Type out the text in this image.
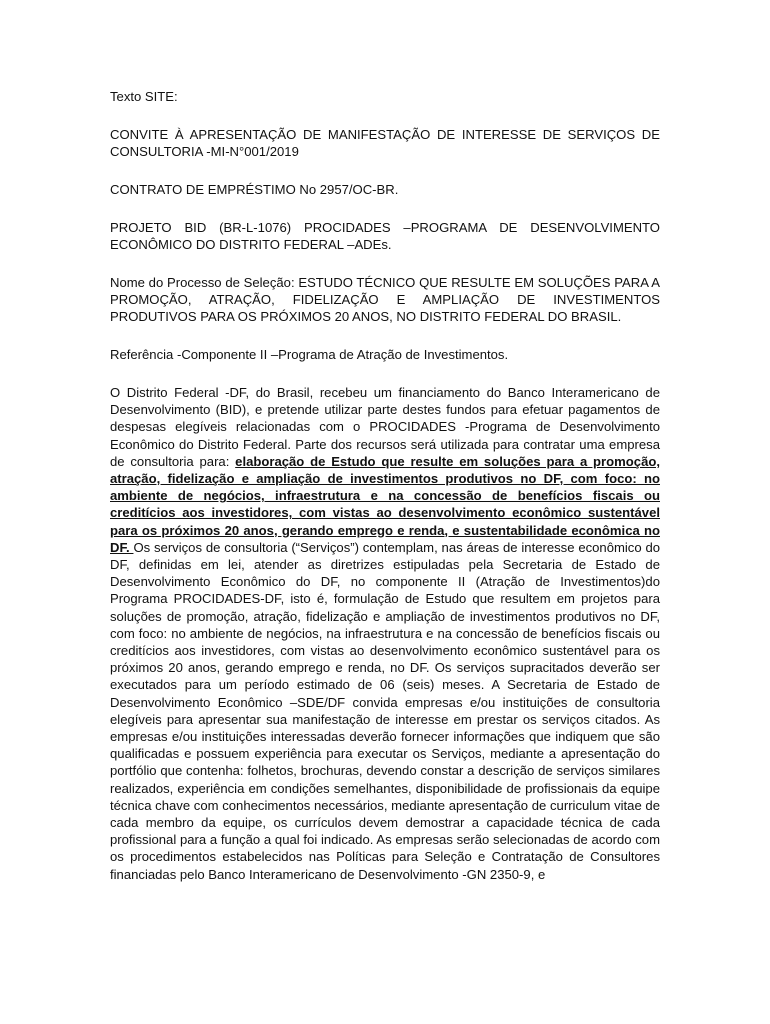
Texto SITE:

CONVITE À APRESENTAÇÃO DE MANIFESTAÇÃO DE INTERESSE DE SERVIÇOS DE CONSULTORIA -MI-N°001/2019

CONTRATO DE EMPRÉSTIMO No 2957/OC-BR.

PROJETO BID (BR-L-1076) PROCIDADES –PROGRAMA DE DESENVOLVIMENTO ECONÔMICO DO DISTRITO FEDERAL –ADEs.

Nome do Processo de Seleção: ESTUDO TÉCNICO QUE RESULTE EM SOLUÇÕES PARA A PROMOÇÃO, ATRAÇÃO, FIDELIZAÇÃO E AMPLIAÇÃO DE INVESTIMENTOS PRODUTIVOS PARA OS PRÓXIMOS 20 ANOS, NO DISTRITO FEDERAL DO BRASIL.

Referência -Componente II –Programa de Atração de Investimentos.

O Distrito Federal -DF, do Brasil, recebeu um financiamento do Banco Interamericano de Desenvolvimento (BID), e pretende utilizar parte destes fundos para efetuar pagamentos de despesas elegíveis relacionadas com o PROCIDADES -Programa de Desenvolvimento Econômico do Distrito Federal. Parte dos recursos será utilizada para contratar uma empresa de consultoria para: elaboração de Estudo que resulte em soluções para a promoção, atração, fidelização e ampliação de investimentos produtivos no DF, com foco: no ambiente de negócios, infraestrutura e na concessão de benefícios fiscais ou creditícios aos investidores, com vistas ao desenvolvimento econômico sustentável para os próximos 20 anos, gerando emprego e renda, e sustentabilidade econômica no DF. Os serviços de consultoria (“Serviços”) contemplam, nas áreas de interesse econômico do DF, definidas em lei, atender as diretrizes estipuladas pela Secretaria de Estado de Desenvolvimento Econômico do DF, no componente II (Atração de Investimentos)do Programa PROCIDADES-DF, isto é, formulação de Estudo que resultem em projetos para soluções de promoção, atração, fidelização e ampliação de investimentos produtivos no DF, com foco: no ambiente de negócios, na infraestrutura e na concessão de benefícios fiscais ou creditícios aos investidores, com vistas ao desenvolvimento econômico sustentável para os próximos 20 anos, gerando emprego e renda, no DF. Os serviços supracitados deverão ser executados para um período estimado de 06 (seis) meses. A Secretaria de Estado de Desenvolvimento Econômico –SDE/DF convida empresas e/ou instituições de consultoria elegíveis para apresentar sua manifestação de interesse em prestar os serviços citados. As empresas e/ou instituições interessadas deverão fornecer informações que indiquem que são qualificadas e possuem experiência para executar os Serviços, mediante a apresentação do portfólio que contenha: folhetos, brochuras, devendo constar a descrição de serviços similares realizados, experiência em condições semelhantes, disponibilidade de profissionais da equipe técnica chave com conhecimentos necessários, mediante apresentação de curriculum vitae de cada membro da equipe, os currículos devem demostrar a capacidade técnica de cada profissional para a função a qual foi indicado. As empresas serão selecionadas de acordo com os procedimentos estabelecidos nas Políticas para Seleção e Contratação de Consultores financiadas pelo Banco Interamericano de Desenvolvimento -GN 2350-9, e
